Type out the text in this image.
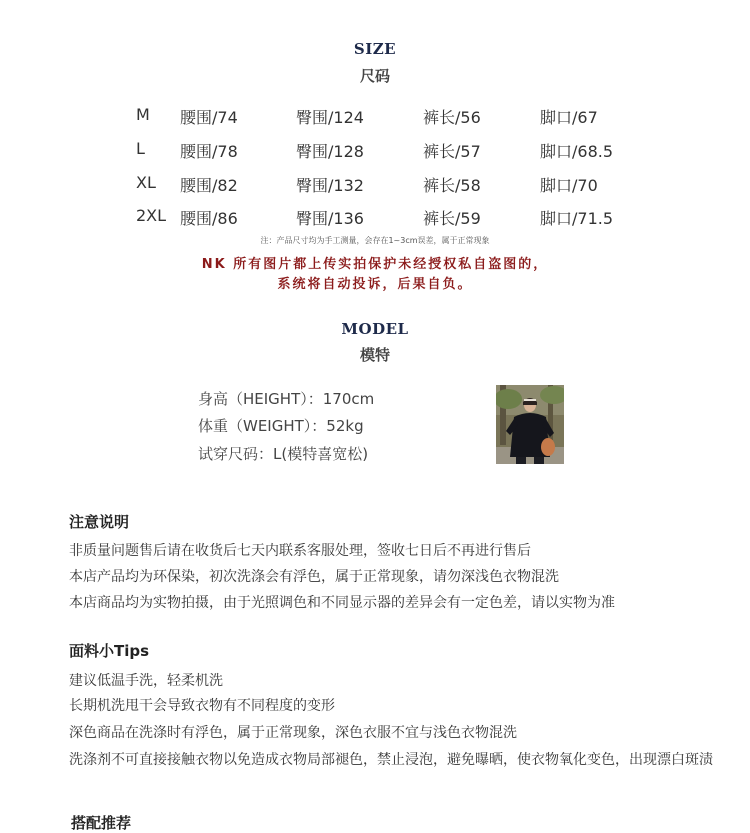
SIZE
尺码
M 腰围/74	臀围/124	裤长/56	脚口/67
L 腰围/78	臀围/128	裤长/57	脚口/68.5
XL 腰围/82	臀围/132	裤长/58	脚口/70
2XL 腰围/86	臀围/136	裤长/59	脚口/71.5
注：产品尺寸均为手工测量，会存在1~3cm误差，属于正常现象
NK 所有图片都上传实拍保护未经授权私自盗图的，
系统将自动投诉，后果自负。
MODEL
模特
身高（HEIGHT）：170cm
体重（WEIGHT）：52kg
试穿尺码：L(模特喜宽松)
注意说明
非质量问题售后请在收货后七天内联系客服处理，签收七日后不再进行售后
本店产品均为环保染，初次洗涤会有浮色，属于正常现象，请勿深浅色衣物混洗
本店商品均为实物拍摄，由于光照调色和不同显示器的差异会有一定色差，请以实物为准
面料小Tips
建议低温手洗，轻柔机洗
长期机洗甩干会导致衣物有不同程度的变形
深色商品在洗涤时有浮色，属于正常现象，深色衣服不宜与浅色衣物混洗
洗涤剂不可直接接触衣物以免造成衣物局部褪色，禁止浸泡，避免曝晒，使衣物氧化变色，出现漂白斑渍
搭配推荐
